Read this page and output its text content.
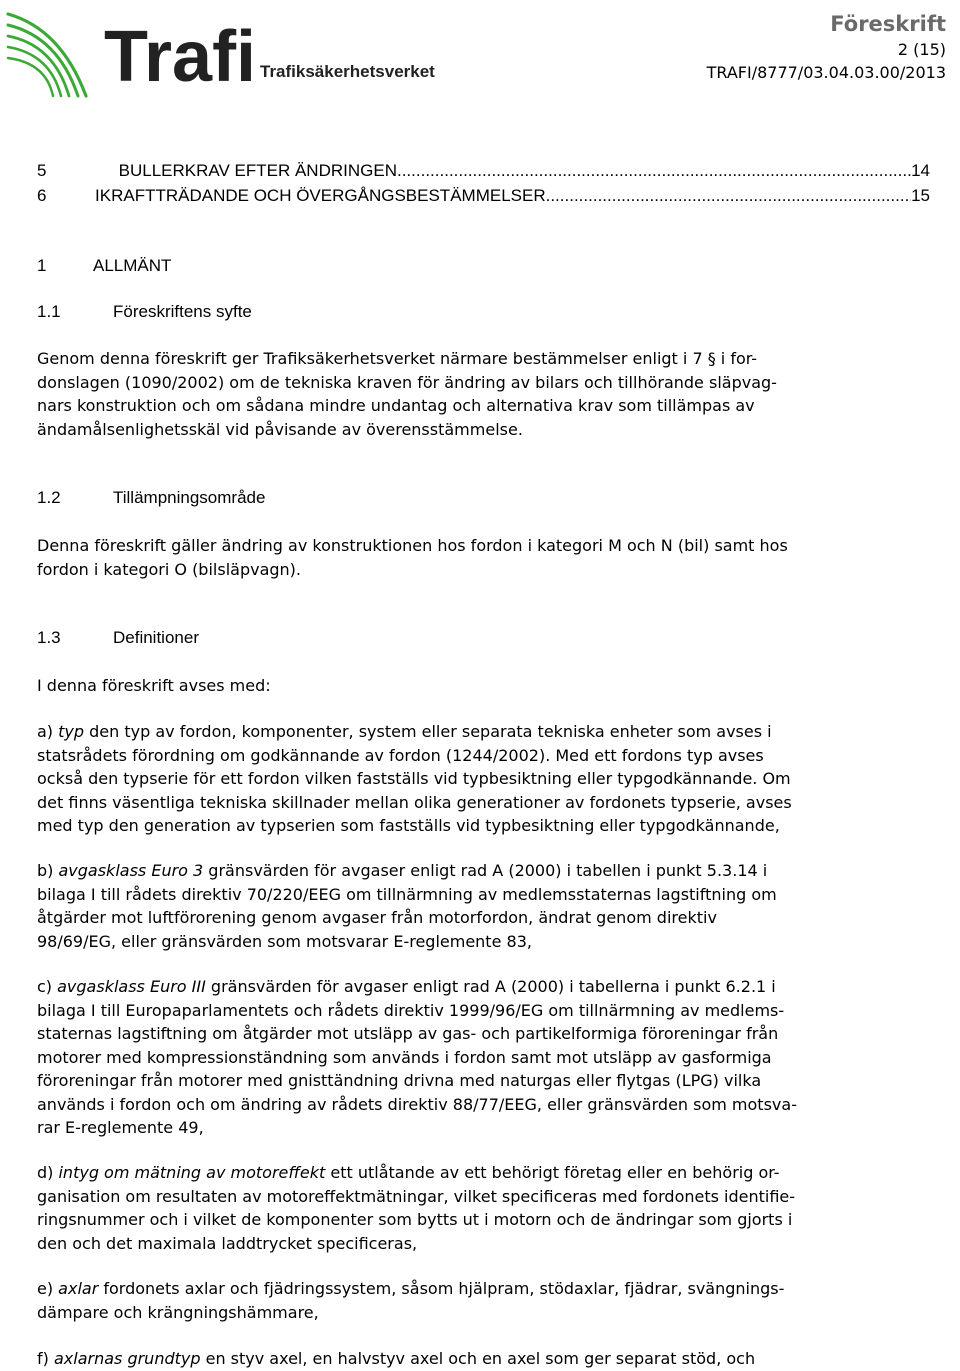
Trafi Trafiksäkerhetsverket
Föreskrift
2 (15)
TRAFI/8777/03.04.03.00/2013
5	BULLERKRAV EFTER ÄNDRINGEN .....	14
6	IKRAFTTRÄDANDE OCH ÖVERGÅNGSBESTÄMMELSER .....	15
1	ALLMÄNT
1.1	Föreskriftens syfte

Genom denna föreskrift ger Trafiksäkerhetsverket närmare bestämmelser enligt i 7 § i for-
donslagen (1090/2002) om de tekniska kraven för ändring av bilars och tillhörande släpvag-
nars konstruktion och om sådana mindre undantag och alternativa krav som tillämpas av
ändamålsenlighetsskäl vid påvisande av överensstämmelse.

1.2	Tillämpningsområde

Denna föreskrift gäller ändring av konstruktionen hos fordon i kategori M och N (bil) samt hos
fordon i kategori O (bilsläpvagn).

1.3	Definitioner

I denna föreskrift avses med:

a) typ den typ av fordon, komponenter, system eller separata tekniska enheter som avses i
statsrådets förordning om godkännande av fordon (1244/2002). Med ett fordons typ avses
också den typserie för ett fordon vilken fastställs vid typbesiktning eller typgodkännande. Om
det finns väsentliga tekniska skillnader mellan olika generationer av fordonets typserie, avses
med typ den generation av typserien som fastställs vid typbesiktning eller typgodkännande,

b) avgasklass Euro 3 gränsvärden för avgaser enligt rad A (2000) i tabellen i punkt 5.3.14 i
bilaga I till rådets direktiv 70/220/EEG om tillnärmning av medlemsstaternas lagstiftning om
åtgärder mot luftförorening genom avgaser från motorfordon, ändrat genom direktiv
98/69/EG, eller gränsvärden som motsvarar E-reglemente 83,

c) avgasklass Euro III gränsvärden för avgaser enligt rad A (2000) i tabellerna i punkt 6.2.1 i
bilaga I till Europaparlamentets och rådets direktiv 1999/96/EG om tillnärmning av medlems-
staternas lagstiftning om åtgärder mot utsläpp av gas- och partikelformiga föroreningar från
motorer med kompressionständning som används i fordon samt mot utsläpp av gasformiga
föroreningar från motorer med gnisttändning drivna med naturgas eller flytgas (LPG) vilka
används i fordon och om ändring av rådets direktiv 88/77/EEG, eller gränsvärden som motsva-
rar E-reglemente 49,

d) intyg om mätning av motoreffekt ett utlåtande av ett behörigt företag eller en behörig or-
ganisation om resultaten av motoreffektmätningar, vilket specificeras med fordonets identifie-
ringsnummer och i vilket de komponenter som bytts ut i motorn och de ändringar som gjorts i
den och det maximala laddtrycket specificeras,

e) axlar fordonets axlar och fjädringssystem, såsom hjälpram, stödaxlar, fjädrar, svängnings-
dämpare och krängningshämmare,

f) axlarnas grundtyp en styv axel, en halvstyv axel och en axel som ger separat stöd, och
